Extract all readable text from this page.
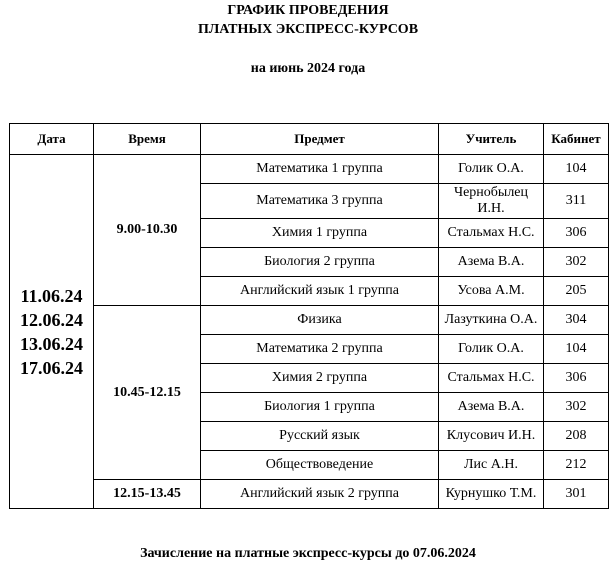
ГРАФИК ПРОВЕДЕНИЯ
ПЛАТНЫХ ЭКСПРЕСС-КУРСОВ
на июнь 2024 года
Дата	Время	Предмет	Учитель	Кабинет

11.06.24
12.06.24
13.06.24
17.06.24	9.00-10.30	Математика 1 группа	Голик О.А.	104
		Математика 3 группа	Чернобылец И.Н.	311
		Химия 1 группа	Стальмах Н.С.	306
		Биология 2 группа	Азема В.А.	302
		Английский язык 1 группа	Усова А.М.	205
	10.45-12.15	Физика	Лазуткина О.А.	304
		Математика 2 группа	Голик О.А.	104
		Химия 2 группа	Стальмах Н.С.	306
		Биология 1 группа	Азема В.А.	302
		Русский язык	Клусович И.Н.	208
		Обществоведение	Лис А.Н.	212
	12.15-13.45	Английский язык 2 группа	Курнушко Т.М.	301
Зачисление на платные экспресс-курсы до 07.06.2024
